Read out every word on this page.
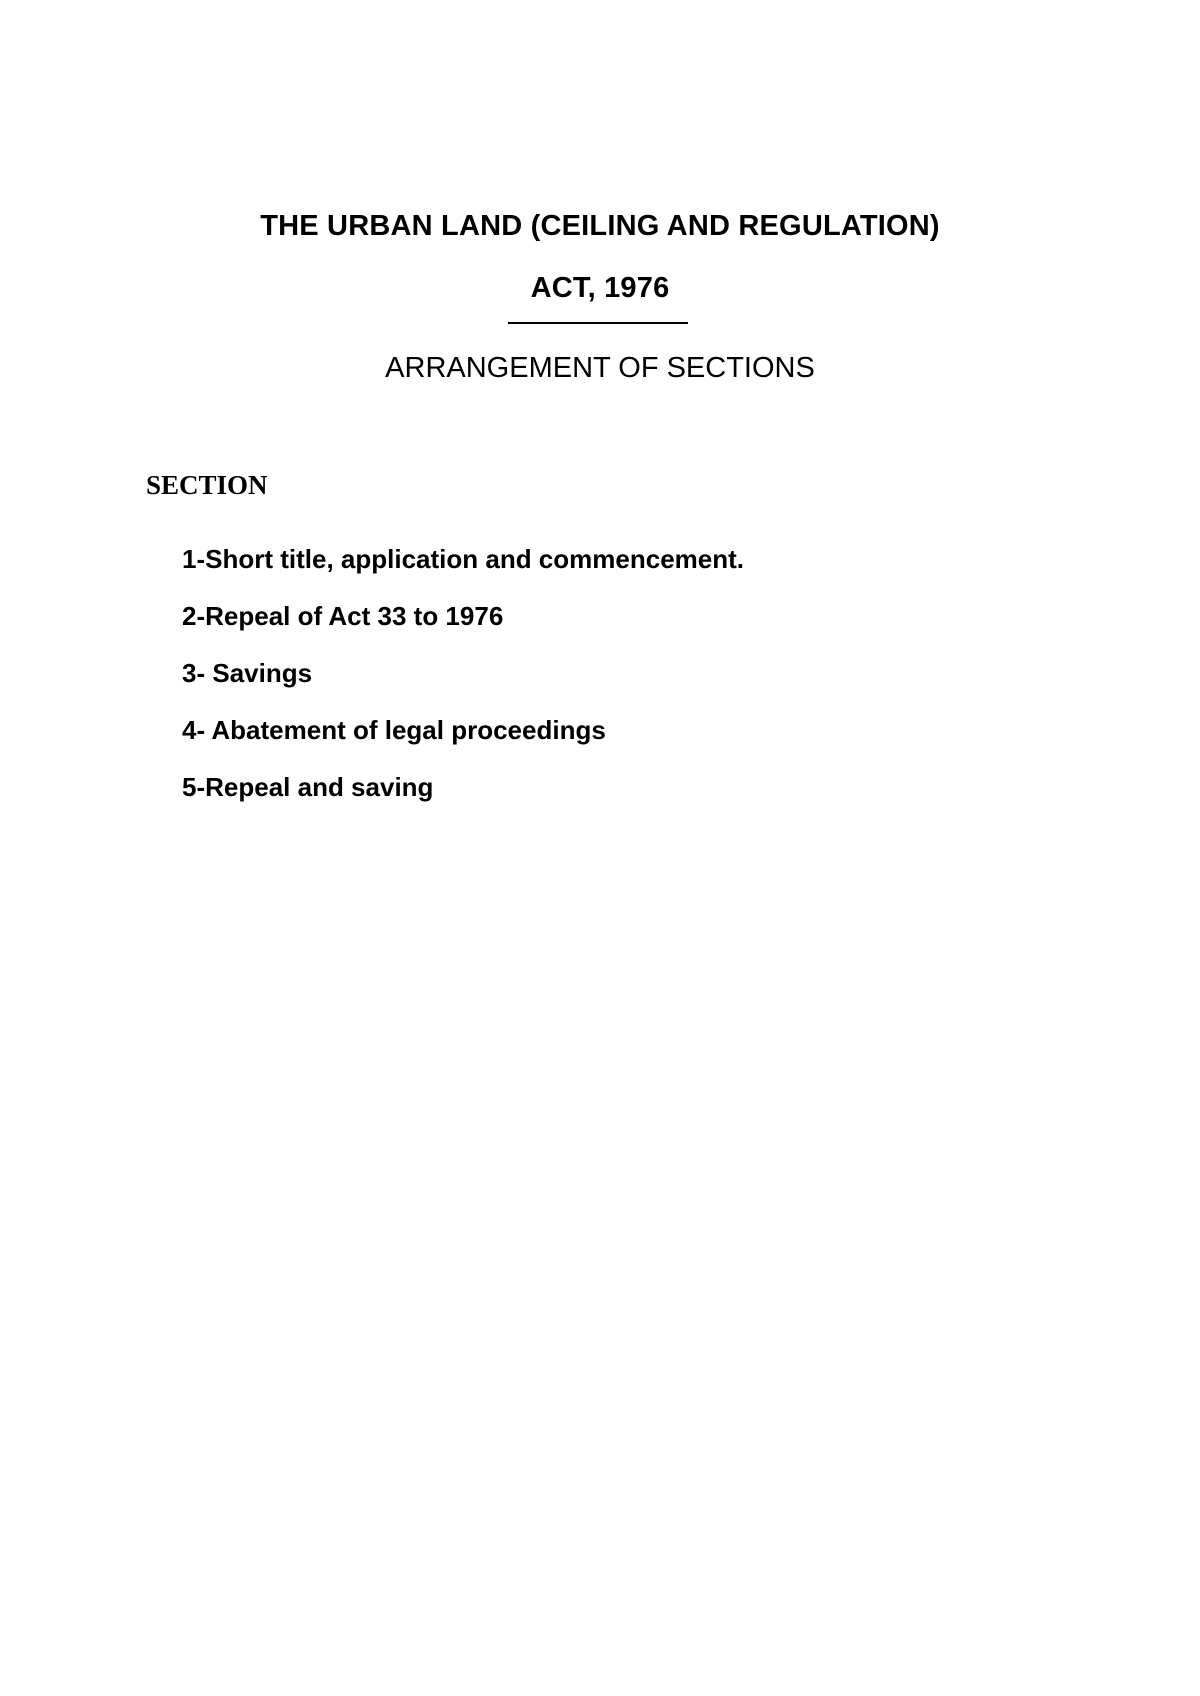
THE URBAN LAND (CEILING AND REGULATION)
ACT, 1976
ARRANGEMENT OF SECTIONS
SECTION
1-Short title, application and commencement.
2-Repeal of Act 33 to 1976
3- Savings
4- Abatement of legal proceedings
5-Repeal and saving
